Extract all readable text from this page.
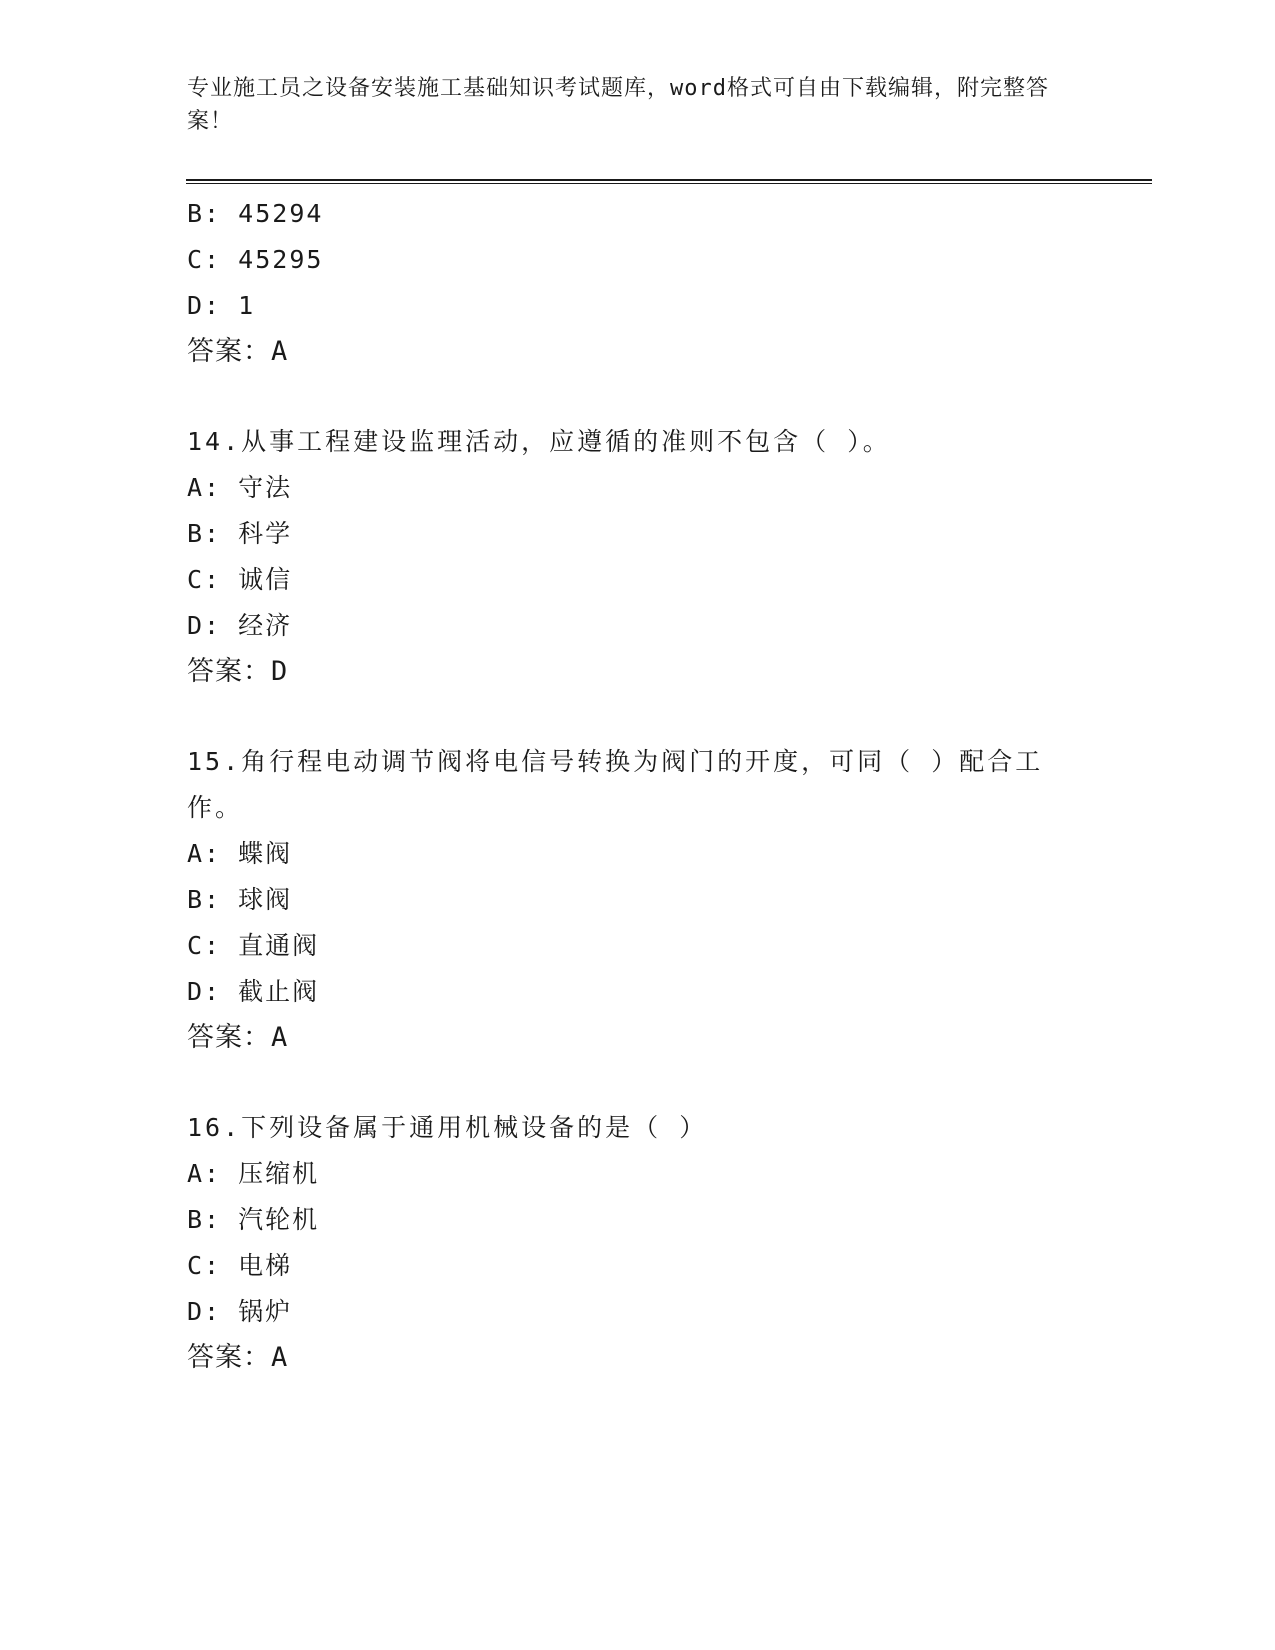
专业施工员之设备安装施工基础知识考试题库，word格式可自由下载编辑，附完整答案！

B: 45294
C: 45295
D: 1
答案：A
14.从事工程建设监理活动，应遵循的准则不包含（ ）。
A: 守法
B: 科学
C: 诚信
D: 经济
答案：D
15.角行程电动调节阀将电信号转换为阀门的开度，可同（ ）配合工作。
A: 蝶阀
B: 球阀
C: 直通阀
D: 截止阀
答案：A
16.下列设备属于通用机械设备的是（ ）
A: 压缩机
B: 汽轮机
C: 电梯
D: 锅炉
答案：A
